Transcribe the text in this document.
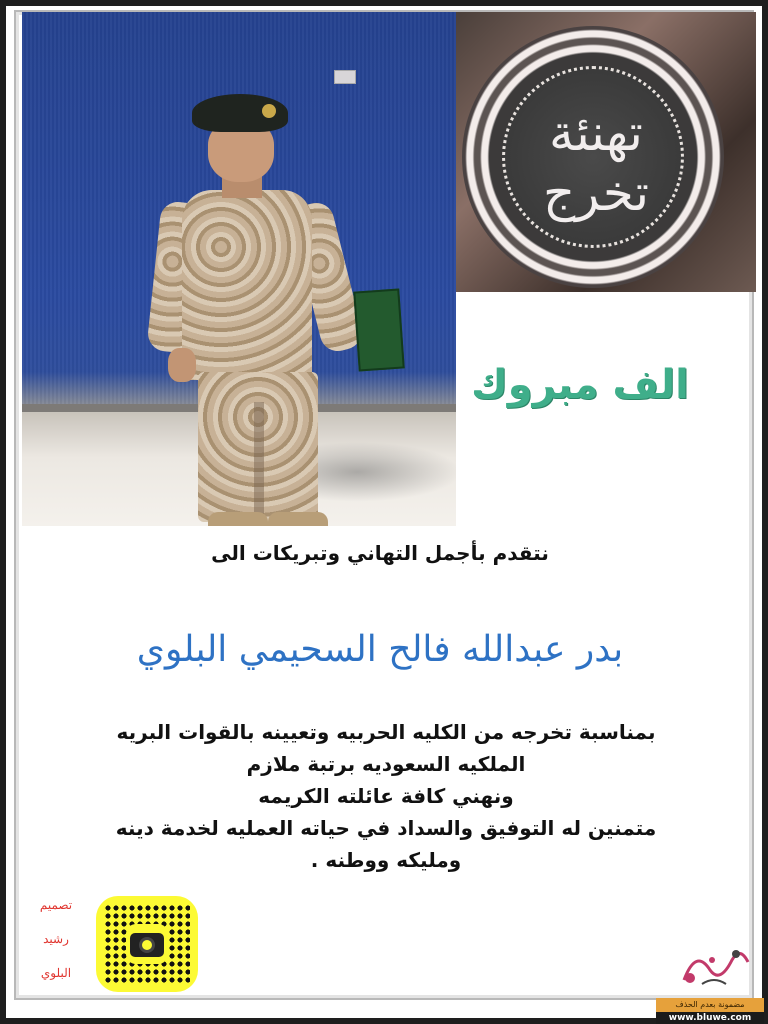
تهنئة
تخرج
الف مبروك
نتقدم بأجمل التهاني وتبريكات الى
بدر عبدالله فالح السحيمي البلوي
بمناسبة تخرجه من الكليه الحربيه وتعيينه بالقوات البريه
الملكيه السعوديه برتبة ملازم
ونهني كافة عائلته الكريمه
متمنين له التوفيق والسداد في حياته العمليه لخدمة دينه
ومليكه ووطنه .
تصميم
رشيد
البلوي
مضمونة بعدم الحذف
www.bluwe.com
